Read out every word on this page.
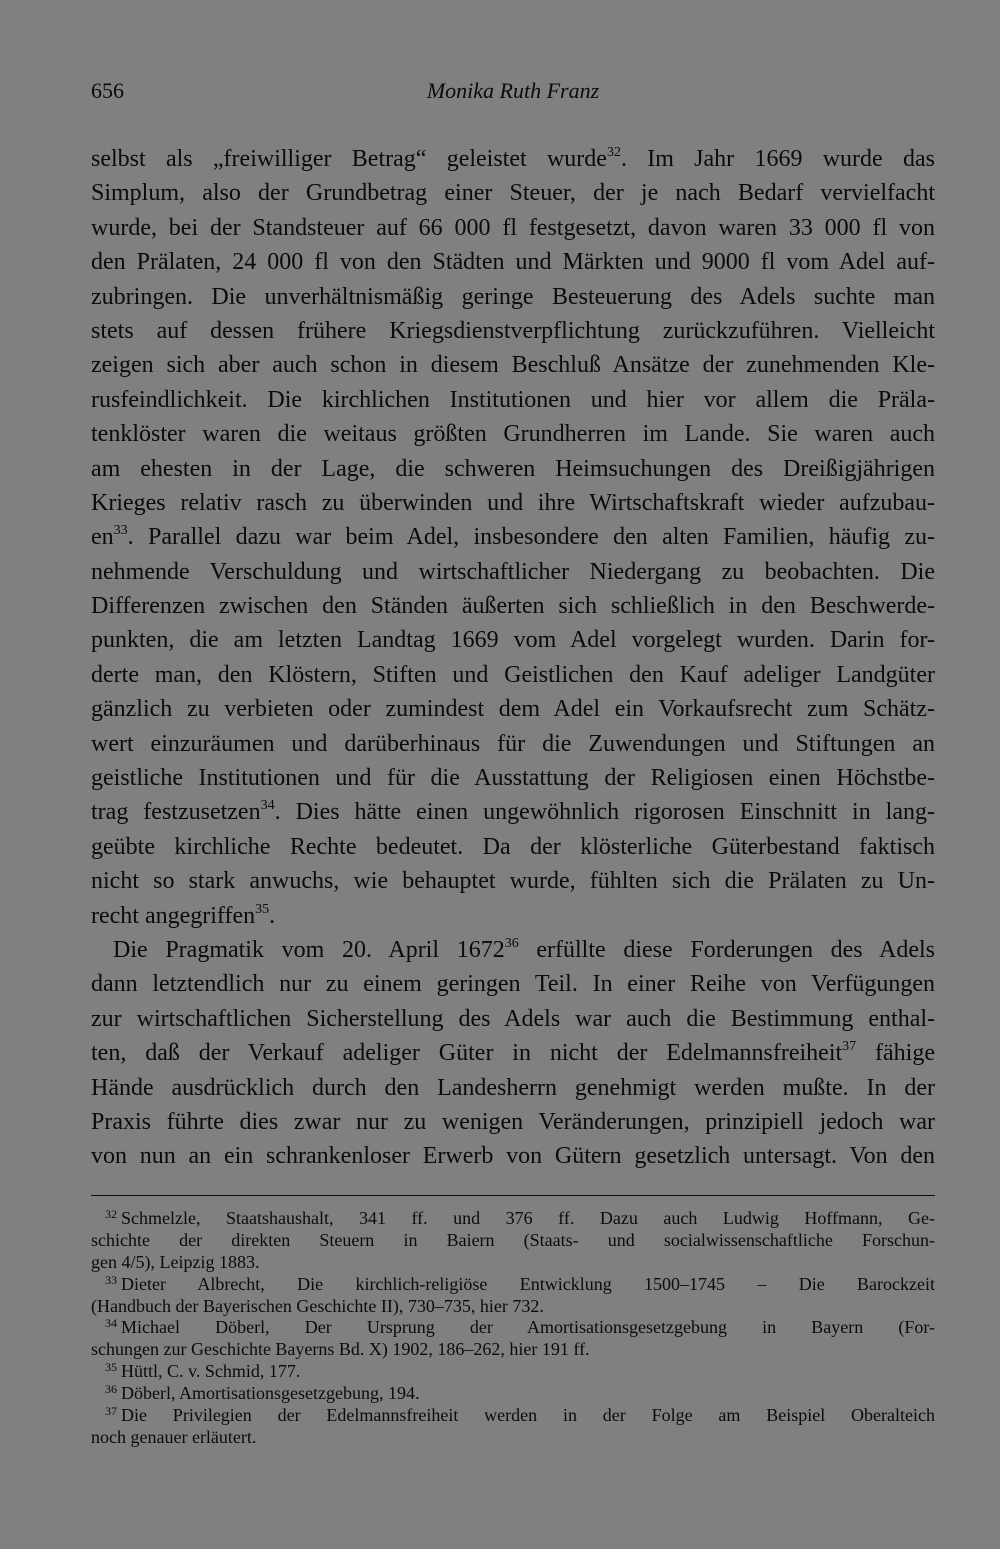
656	Monika Ruth Franz
selbst als „freiwilliger Betrag“ geleistet wurde$^{32}$. Im Jahr 1669 wurde das
Simplum, also der Grundbetrag einer Steuer, der je nach Bedarf vervielfacht
wurde, bei der Standsteuer auf 66 000 fl festgesetzt, davon waren 33 000 fl von
den Prälaten, 24 000 fl von den Städten und Märkten und 9000 fl vom Adel auf-
zubringen. Die unverhältnismäßig geringe Besteuerung des Adels suchte man
stets auf dessen frühere Kriegsdienstverpflichtung zurückzuführen. Vielleicht
zeigen sich aber auch schon in diesem Beschluß Ansätze der zunehmenden Kle-
rusfeindlichkeit. Die kirchlichen Institutionen und hier vor allem die Präla-
tenklöster waren die weitaus größten Grundherren im Lande. Sie waren auch
am ehesten in der Lage, die schweren Heimsuchungen des Dreißigjährigen
Krieges relativ rasch zu überwinden und ihre Wirtschaftskraft wieder aufzubau-
$en^{33}$. Parallel dazu war beim Adel, insbesondere den alten Familien, häufig zu-
nehmende Verschuldung und wirtschaftlicher Niedergang zu beobachten. Die
Differenzen zwischen den Ständen äußerten sich schließlich in den Beschwerde-
punkten, die am letzten Landtag 1669 vom Adel vorgelegt wurden. Darin for-
derte man, den Klöstern, Stiften und Geistlichen den Kauf adeliger Landgüter
gänzlich zu verbieten oder zumindest dem Adel ein Vorkaufsrecht zum Schätz-
wert einzuräumen und darüberhinaus für die Zuwendungen und Stiftungen an
geistliche Institutionen und für die Ausstattung der Religiosen einen Höchstbe-
trag festzusetzen$^{34}$. Dies hätte einen ungewöhnlich rigorosen Einschnitt in lang-
geübte kirchliche Rechte bedeutet. Da der klösterliche Güterbestand faktisch
nicht so stark anwuchs, wie behauptet wurde, fühlten sich die Prälaten zu Un-
recht angegriffen$^{35}$.
Die Pragmatik vom 20. April 1672$^{36}$ erfüllte diese Forderungen des Adels
dann letztendlich nur zu einem geringen Teil. In einer Reihe von Verfügungen
zur wirtschaftlichen Sicherstellung des Adels war auch die Bestimmung enthal-
ten, daß der Verkauf adeliger Güter in nicht der Edelmannsfreiheit$^{37}$ fähige
Hände ausdrücklich durch den Landesherrn genehmigt werden mußte. In der
Praxis führte dies zwar nur zu wenigen Veränderungen, prinzipiell jedoch war
von nun an ein schrankenloser Erwerb von Gütern gesetzlich untersagt. Von den
$^{32}$ Schmelzle, Staatshaushalt, 341 ff. und 376 ff. Dazu auch Ludwig Hoffmann, Ge-
schichte der direkten Steuern in Baiern (Staats- und socialwissenschaftliche Forschun-
gen 4/5), Leipzig 1883.
$^{33}$ Dieter Albrecht, Die kirchlich-religiöse Entwicklung 1500–1745 – Die Barockzeit
(Handbuch der Bayerischen Geschichte II), 730–735, hier 732.
$^{34}$ Michael Döberl, Der Ursprung der Amortisationsgesetzgebung in Bayern (For-
schungen zur Geschichte Bayerns Bd. X) 1902, 186–262, hier 191 ff.
$^{35}$ Hüttl, C. v. Schmid, 177.
$^{36}$ Döberl, Amortisationsgesetzgebung, 194.
$^{37}$ Die Privilegien der Edelmannsfreiheit werden in der Folge am Beispiel Oberalteich
noch genauer erläutert.
